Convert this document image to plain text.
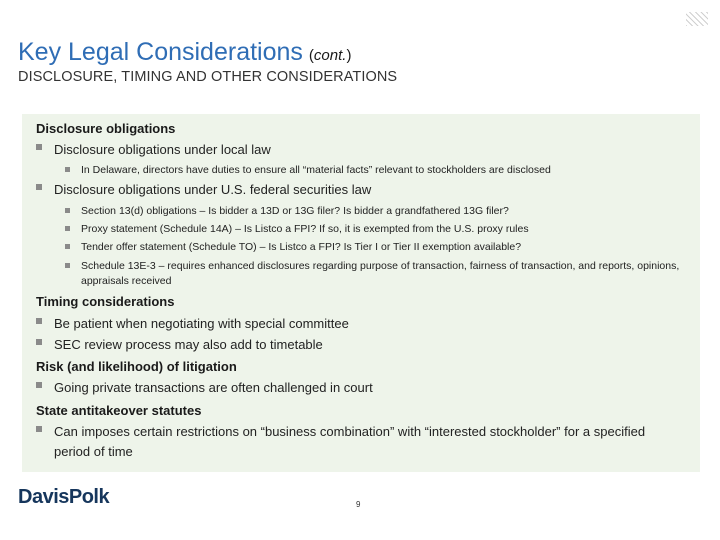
Key Legal Considerations (cont.)
DISCLOSURE, TIMING AND OTHER CONSIDERATIONS
Disclosure obligations
Disclosure obligations under local law
In Delaware, directors have duties to ensure all “material facts” relevant to stockholders are disclosed
Disclosure obligations under U.S. federal securities law
Section 13(d) obligations – Is bidder a 13D or 13G filer? Is bidder a grandfathered 13G filer?
Proxy statement (Schedule 14A) – Is Listco a FPI? If so, it is exempted from the U.S. proxy rules
Tender offer statement (Schedule TO) – Is Listco a FPI? Is Tier I or Tier II exemption available?
Schedule 13E-3 – requires enhanced disclosures regarding purpose of transaction, fairness of transaction, and reports, opinions, appraisals received
Timing considerations
Be patient when negotiating with special committee
SEC review process may also add to timetable
Risk (and likelihood) of litigation
Going private transactions are often challenged in court
State antitakeover statutes
Can imposes certain restrictions on “business combination” with “interested stockholder” for a specified period of time
DavisPolk	9
